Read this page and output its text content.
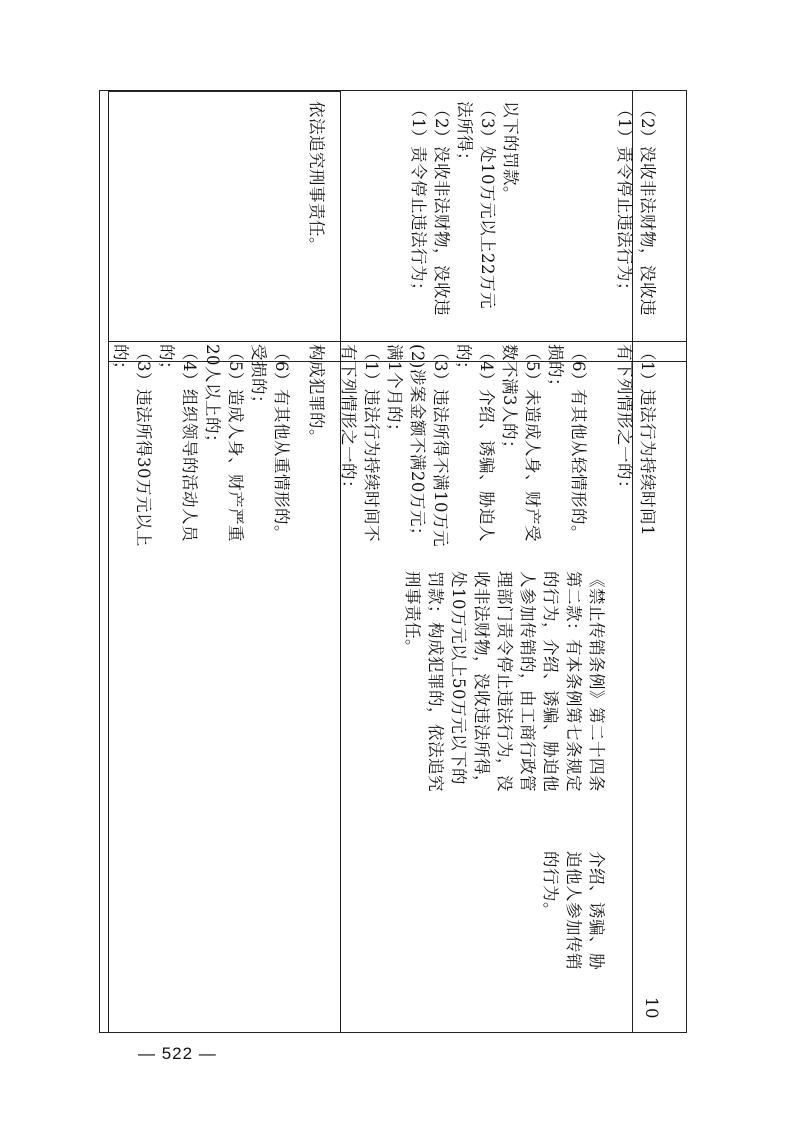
的； （3）违法所得30万元以上 的； （4）组织领导的活动人员 20人以上的； （5）造成人身、财产严重 受损的； （6）有其他从重情形的。 构成犯罪的。
依法追究刑事责任。
10
介绍、诱骗、胁
迫他人参加传销
的行为。
《禁止传销条例》第二十四条
第二款：有本条例第七条规定
的行为，介绍、诱骗、胁迫他
人参加传销的，由工商行政管
理部门责令停止违法行为，没
收非法财物，没收违法所得，
处10万元以上50万元以下的
罚款；构成犯罪的，依法追究
刑事责任。
有下列情形之一的： （1）违法行为持续时间不 满1个月的； (2)涉案金额不满20万元； （3）违法所得不满10万元 的； （4）介绍、诱骗、胁迫人 数不满3人的； （5）未造成人身、财产受 损的； （6）有其他从轻情形的。
（1）责令停止违法行为； （2）没收非法财物，没收违 法所得； （3）处10万元以上22万元 以下的罚款。
有下列情形之一的： （1）违法行为持续时间1
（1）责令停止违法行为； （2）没收非法财物，没收违
— 522 —
